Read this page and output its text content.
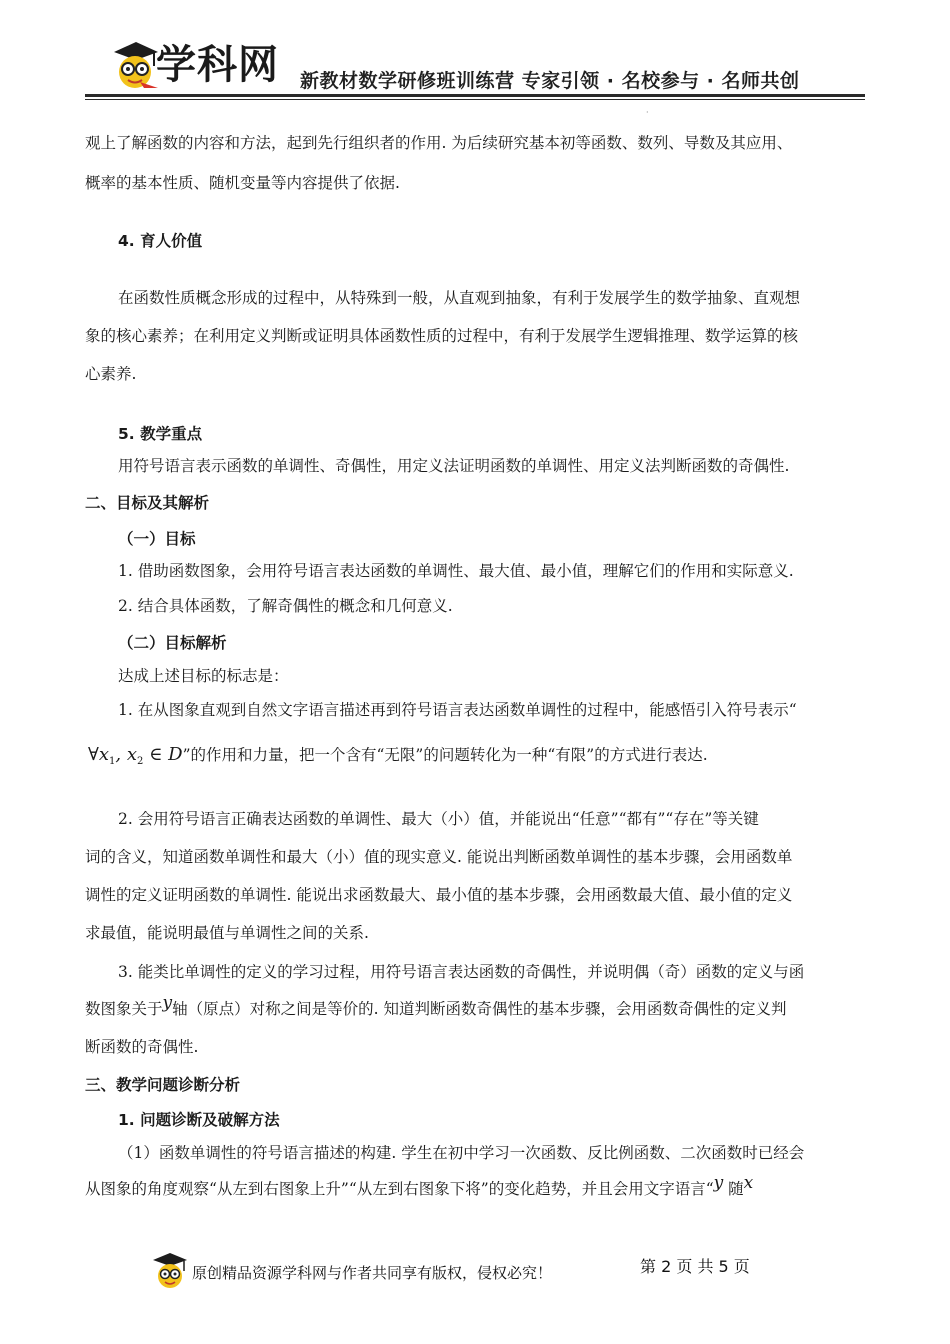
学科网 新教材数学研修班训练营 专家引领 · 名校参与 · 名师共创
·
观上了解函数的内容和方法，起到先行组织者的作用. 为后续研究基本初等函数、数列、导数及其应用、
概率的基本性质、随机变量等内容提供了依据.
4. 育人价值
在函数性质概念形成的过程中，从特殊到一般，从直观到抽象，有利于发展学生的数学抽象、直观想
象的核心素养；在利用定义判断或证明具体函数性质的过程中，有利于发展学生逻辑推理、数学运算的核
心素养.
5. 教学重点
用符号语言表示函数的单调性、奇偶性，用定义法证明函数的单调性、用定义法判断函数的奇偶性.
二、目标及其解析
（一）目标
1. 借助函数图象，会用符号语言表达函数的单调性、最大值、最小值，理解它们的作用和实际意义.
2. 结合具体函数，了解奇偶性的概念和几何意义.
（二）目标解析
达成上述目标的标志是：
1. 在从图象直观到自然文字语言描述再到符号语言表达函数单调性的过程中，能感悟引入符号表示“
$\forall x_1$, $x_2$ ∈ D”的作用和力量，把一个含有“无限”的问题转化为一种“有限”的方式进行表达.
2. 会用符号语言正确表达函数的单调性、最大（小）值，并能说出“任意”“都有”“存在”等关键
词的含义，知道函数单调性和最大（小）值的现实意义. 能说出判断函数单调性的基本步骤，会用函数单
调性的定义证明函数的单调性. 能说出求函数最大、最小值的基本步骤，会用函数最大值、最小值的定义
求最值，能说明最值与单调性之间的关系.
3. 能类比单调性的定义的学习过程，用符号语言表达函数的奇偶性，并说明偶（奇）函数的定义与函
数图象关于y轴（原点）对称之间是等价的. 知道判断函数奇偶性的基本步骤，会用函数奇偶性的定义判
断函数的奇偶性.
三、教学问题诊断分析
1. 问题诊断及破解方法
（1）函数单调性的符号语言描述的构建. 学生在初中学习一次函数、反比例函数、二次函数时已经会
从图象的角度观察“从左到右图象上升”“从左到右图象下将”的变化趋势，并且会用文字语言“y 随x
原创精品资源学科网与作者共同享有版权，侵权必究！	第 2 页 共 5 页
